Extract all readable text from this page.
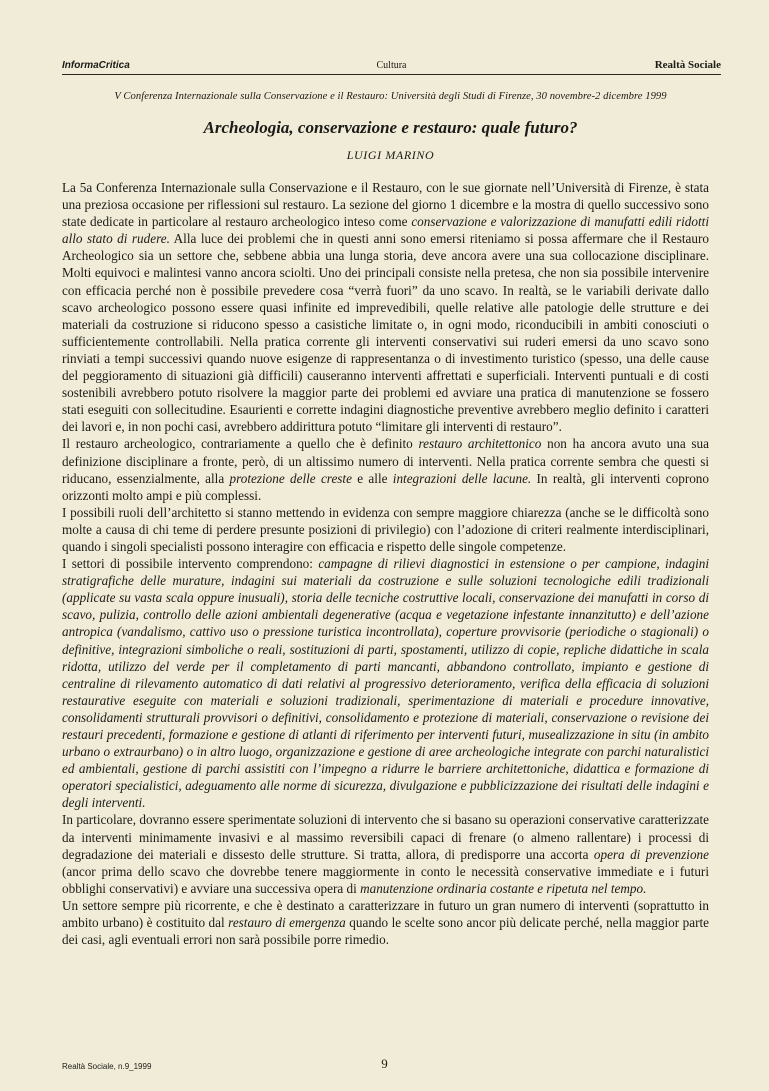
InformaCritica	Cultura	Realtà Sociale
V Conferenza Internazionale sulla Conservazione e il Restauro: Università degli Studi di Firenze, 30 novembre-2 dicembre 1999
Archeologia, conservazione e restauro: quale futuro?
LUIGI MARINO

La 5a Conferenza Internazionale sulla Conservazione e il Restauro, con le sue giornate nell’Università di Firenze, è stata una preziosa occasione per riflessioni sul restauro. La sezione del giorno 1 dicembre e la mostra di quello successivo sono state dedicate in particolare al restauro archeologico inteso come conservazione e valorizzazione di manufatti edili ridotti allo stato di rudere. Alla luce dei problemi che in questi anni sono emersi riteniamo si possa affermare che il Restauro Archeologico sia un settore che, sebbene abbia una lunga storia, deve ancora avere una sua collocazione disciplinare. Molti equivoci e malintesi vanno ancora sciolti. Uno dei principali consiste nella pretesa, che non sia possibile intervenire con efficacia perché non è possibile prevedere cosa “verrà fuori” da uno scavo. In realtà, se le variabili derivate dallo scavo archeologico possono essere quasi infinite ed imprevedibili, quelle relative alle patologie delle strutture e dei materiali da costruzione si riducono spesso a casistiche limitate o, in ogni modo, riconducibili in ambiti conosciuti o sufficientemente controllabili. Nella pratica corrente gli interventi conservativi sui ruderi emersi da uno scavo sono rinviati a tempi successivi quando nuove esigenze di rappresentanza o di investimento turistico (spesso, una delle cause del peggioramento di situazioni già difficili) causeranno interventi affrettati e superficiali. Interventi puntuali e di costi sostenibili avrebbero potuto risolvere la maggior parte dei problemi ed avviare una pratica di manutenzione se fossero stati eseguiti con sollecitudine. Esaurienti e corrette indagini diagnostiche preventive avrebbero meglio definito i caratteri dei lavori e, in non pochi casi, avrebbero addirittura potuto “limitare gli interventi di restauro”.

Il restauro archeologico, contrariamente a quello che è definito restauro architettonico non ha ancora avuto una sua definizione disciplinare a fronte, però, di un altissimo numero di interventi. Nella pratica corrente sembra che questi si riducano, essenzialmente, alla protezione delle creste e alle integrazioni delle lacune. In realtà, gli interventi coprono orizzonti molto ampi e più complessi.

I possibili ruoli dell’architetto si stanno mettendo in evidenza con sempre maggiore chiarezza (anche se le difficoltà sono molte a causa di chi teme di perdere presunte posizioni di privilegio) con l’adozione di criteri realmente interdisciplinari, quando i singoli specialisti possono interagire con efficacia e rispetto delle singole competenze.

I settori di possibile intervento comprendono: campagne di rilievi diagnostici in estensione o per campione, indagini stratigrafiche delle murature, indagini sui materiali da costruzione e sulle soluzioni tecnologiche edili tradizionali (applicate su vasta scala oppure inusuali), storia delle tecniche costruttive locali, conservazione dei manufatti in corso di scavo, pulizia, controllo delle azioni ambientali degenerative (acqua e vegetazione infestante innanzitutto) e dell’azione antropica (vandalismo, cattivo uso o pressione turistica incontrollata), coperture provvisorie (periodiche o stagionali) o definitive, integrazioni simboliche o reali, sostituzioni di parti, spostamenti, utilizzo di copie, repliche didattiche in scala ridotta, utilizzo del verde per il completamento di parti mancanti, abbandono controllato, impianto e gestione di centraline di rilevamento automatico di dati relativi al progressivo deterioramento, verifica della efficacia di soluzioni restaurative eseguite con materiali e soluzioni tradizionali, sperimentazione di materiali e procedure innovative, consolidamenti strutturali provvisori o definitivi, consolidamento e protezione di materiali, conservazione o revisione dei restauri precedenti, formazione e gestione di atlanti di riferimento per interventi futuri, musealizzazione in situ (in ambito urbano o extraurbano) o in altro luogo, organizzazione e gestione di aree archeologiche integrate con parchi naturalistici ed ambientali, gestione di parchi assistiti con l’impegno a ridurre le barriere architettoniche, didattica e formazione di operatori specialistici, adeguamento alle norme di sicurezza, divulgazione e pubblicizzazione dei risultati delle indagini e degli interventi.

In particolare, dovranno essere sperimentate soluzioni di intervento che si basano su operazioni conservative caratterizzate da interventi minimamente invasivi e al massimo reversibili capaci di frenare (o almeno rallentare) i processi di degradazione dei materiali e dissesto delle strutture. Si tratta, allora, di predisporre una accorta opera di prevenzione (ancor prima dello scavo che dovrebbe tenere maggiormente in conto le necessità conservative immediate e i futuri obblighi conservativi) e avviare una successiva opera di manutenzione ordinaria costante e ripetuta nel tempo.

Un settore sempre più ricorrente, e che è destinato a caratterizzare in futuro un gran numero di interventi (soprattutto in ambito urbano) è costituito dal restauro di emergenza quando le scelte sono ancor più delicate perché, nella maggior parte dei casi, agli eventuali errori non sarà possibile porre rimedio.

Realtà Sociale, n.9_1999	9
